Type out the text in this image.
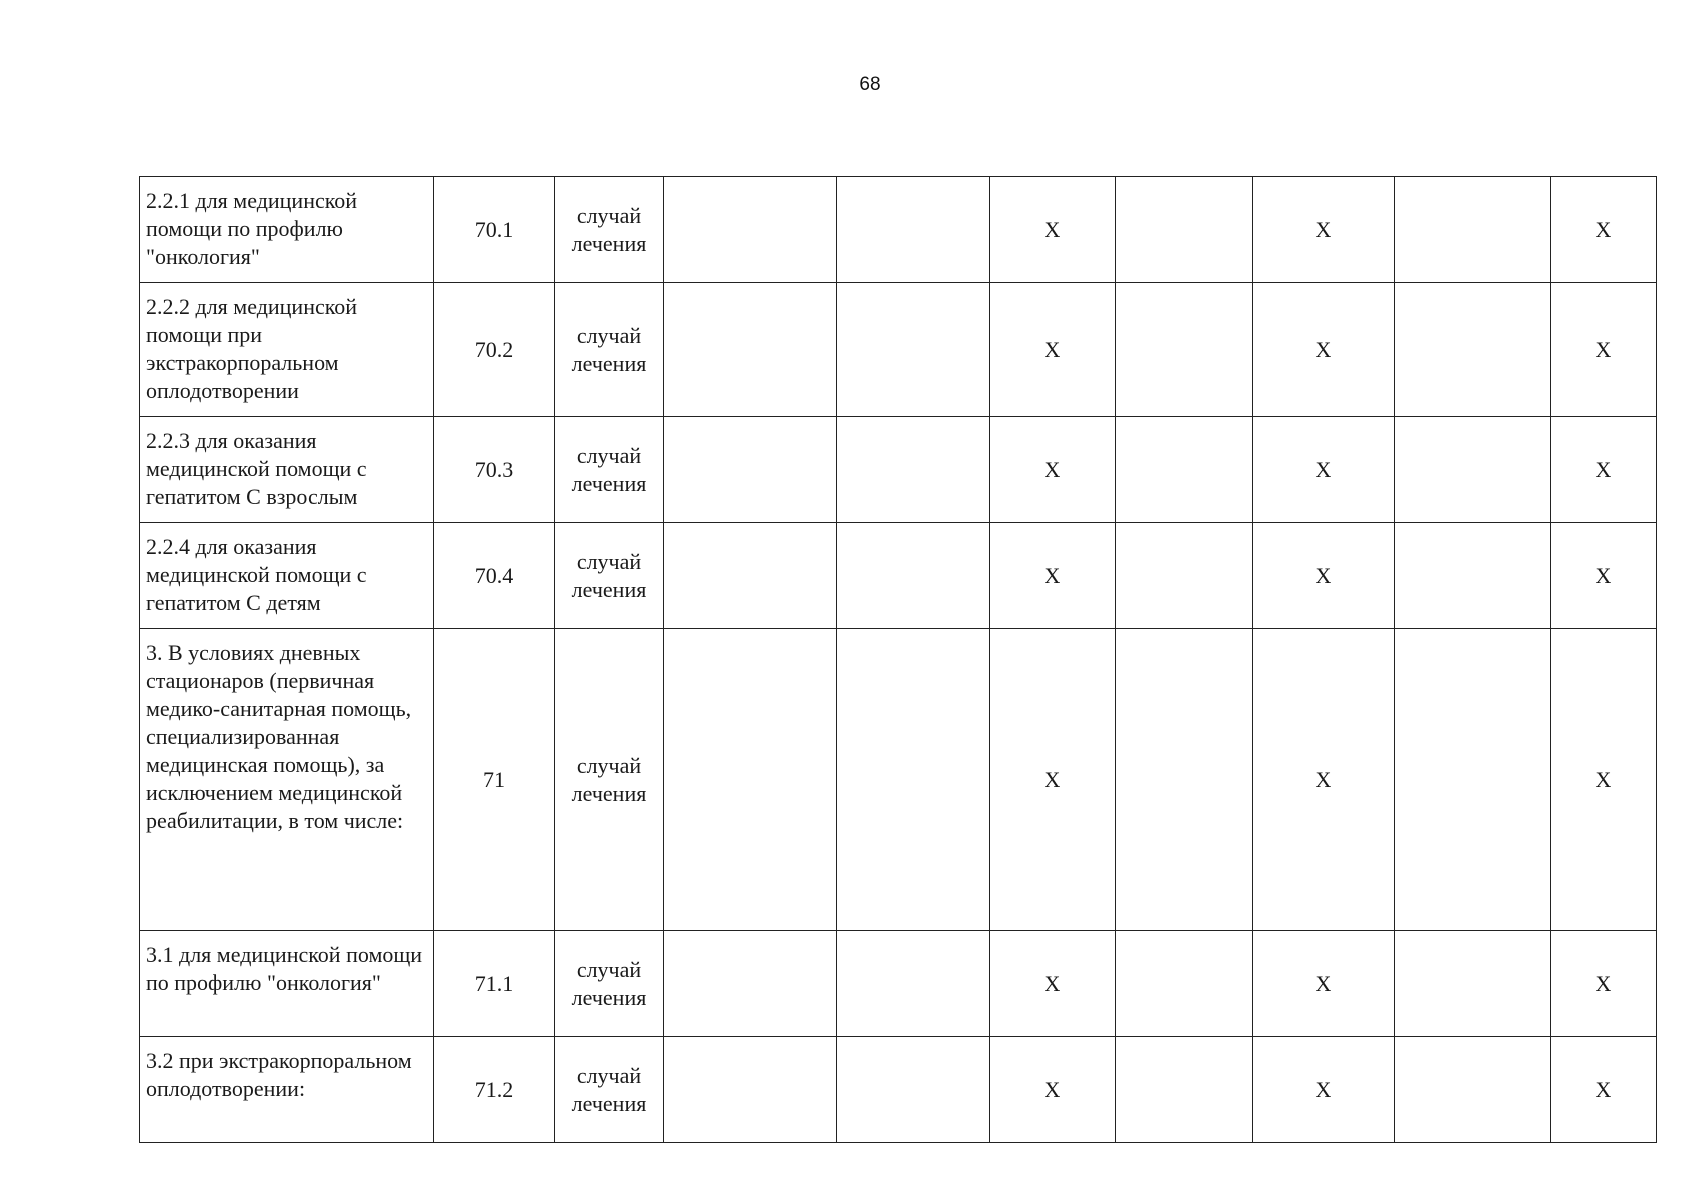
68
2.2.1 для медицинской помощи по профилю "онкология"	70.1	случай лечения			X		X		X
2.2.2 для медицинской помощи при экстракорпоральном оплодотворении	70.2	случай лечения			X		X		X
2.2.3 для оказания медицинской помощи с гепатитом С взрослым	70.3	случай лечения			X		X		X
2.2.4 для оказания медицинской помощи с гепатитом С детям	70.4	случай лечения			X		X		X
3. В условиях дневных стационаров (первичная медико-санитарная помощь, специализированная медицинская помощь), за исключением медицинской реабилитации, в том числе:	71	случай лечения			X		X		X
3.1 для медицинской помощи по профилю "онкология"	71.1	случай лечения			X		X		X
3.2 при экстракорпоральном оплодотворении:	71.2	случай лечения			X		X		X
